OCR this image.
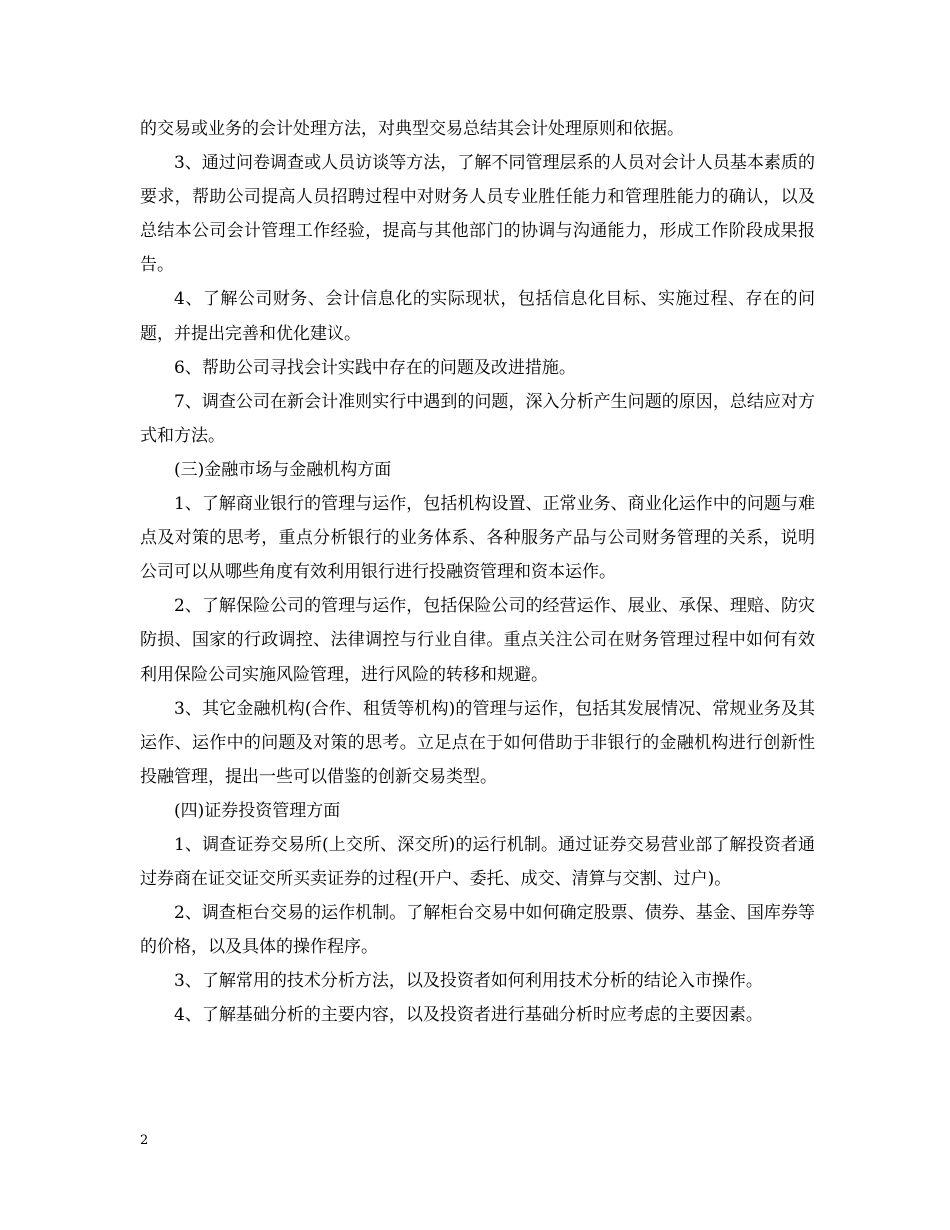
的交易或业务的会计处理方法，对典型交易总结其会计处理原则和依据。

3、通过问卷调查或人员访谈等方法，了解不同管理层系的人员对会计人员基本素质的要求，帮助公司提高人员招聘过程中对财务人员专业胜任能力和管理胜能力的确认，以及总结本公司会计管理工作经验，提高与其他部门的协调与沟通能力，形成工作阶段成果报告。

4、了解公司财务、会计信息化的实际现状，包括信息化目标、实施过程、存在的问题，并提出完善和优化建议。

6、帮助公司寻找会计实践中存在的问题及改进措施。

7、调查公司在新会计准则实行中遇到的问题，深入分析产生问题的原因，总结应对方式和方法。

(三)金融市场与金融机构方面

1、了解商业银行的管理与运作，包括机构设置、正常业务、商业化运作中的问题与难点及对策的思考，重点分析银行的业务体系、各种服务产品与公司财务管理的关系，说明公司可以从哪些角度有效利用银行进行投融资管理和资本运作。

2、了解保险公司的管理与运作，包括保险公司的经营运作、展业、承保、理赔、防灾防损、国家的行政调控、法律调控与行业自律。重点关注公司在财务管理过程中如何有效利用保险公司实施风险管理，进行风险的转移和规避。

3、其它金融机构(合作、租赁等机构)的管理与运作，包括其发展情况、常规业务及其运作、运作中的问题及对策的思考。立足点在于如何借助于非银行的金融机构进行创新性投融管理，提出一些可以借鉴的创新交易类型。

(四)证券投资管理方面

1、调查证券交易所(上交所、深交所)的运行机制。通过证券交易营业部了解投资者通过券商在证交证交所买卖证券的过程(开户、委托、成交、清算与交割、过户)。

2、调查柜台交易的运作机制。了解柜台交易中如何确定股票、债券、基金、国库券等的价格，以及具体的操作程序。

3、了解常用的技术分析方法，以及投资者如何利用技术分析的结论入市操作。

4、了解基础分析的主要内容，以及投资者进行基础分析时应考虑的主要因素。

2
